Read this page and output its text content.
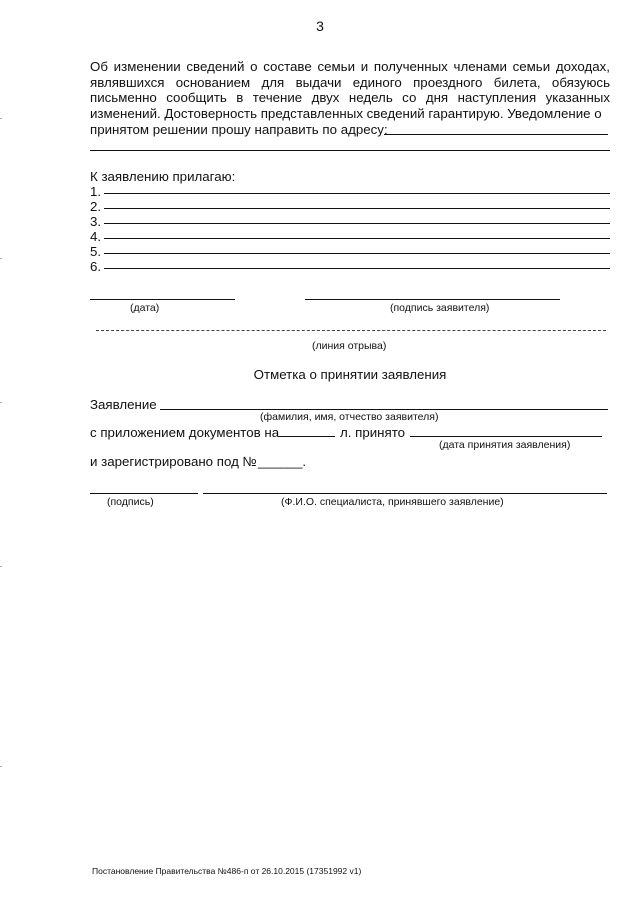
3
Об изменении сведений о составе семьи и полученных членами семьи доходах, являвшихся основанием для выдачи единого проездного билета, обязуюсь письменно сообщить в течение двух недель со дня наступления указанных изменений. Достоверность представленных сведений гарантирую. Уведомление о
принятом решении прошу направить по адресу:
К заявлению прилагаю:
1.
2.
3.
4.
5.
6.
(дата)	(подпись заявителя)
(линия отрыва)
Отметка о принятии заявления
Заявление
(фамилия, имя, отчество заявителя)
с приложением документов на	л. принято
(дата принятия заявления)
и зарегистрировано под № ______.
(подпись)	(Ф.И.О. специалиста, принявшего заявление)
Постановление Правительства №486-п от 26.10.2015 (17351992 v1)
